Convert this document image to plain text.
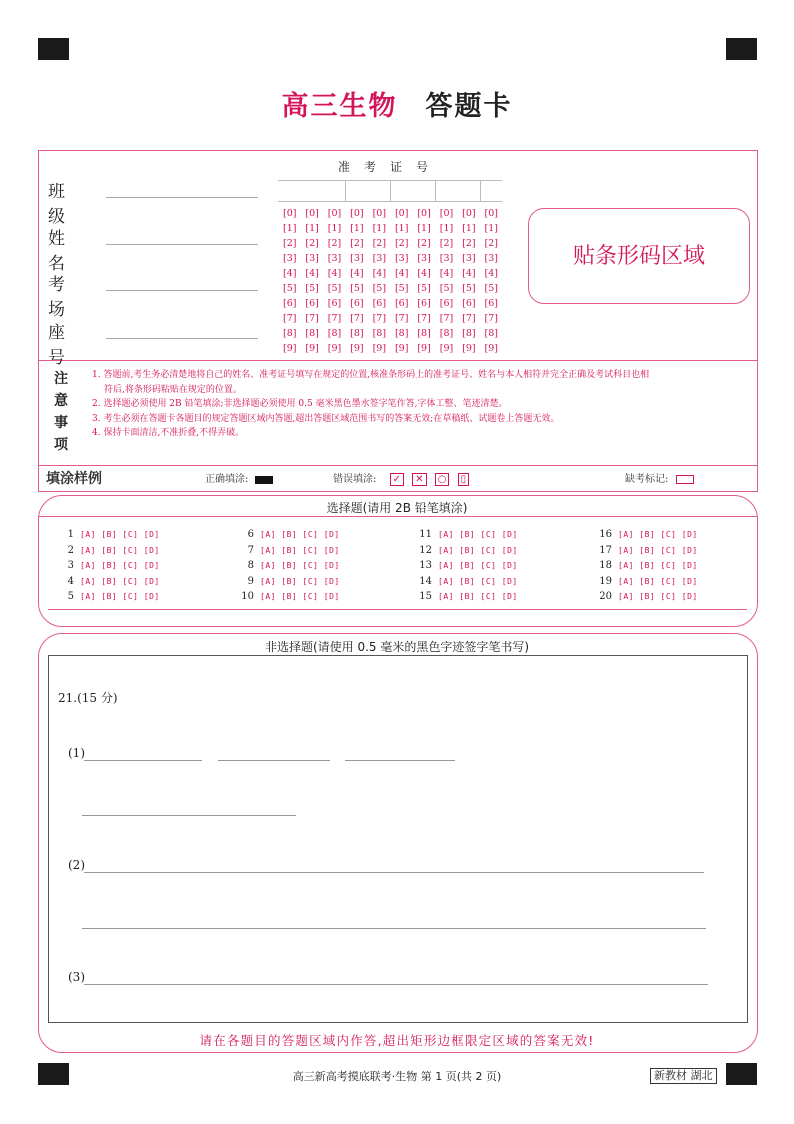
高三生物 答题卡
班 级
姓 名
考 场
座 号
准考证号
[0] [0] [0] [0] [0] [0] [0] [0] [0] [0]
[1] [1] [1] [1] [1] [1] [1] [1] [1] [1]
[2] [2] [2] [2] [2] [2] [2] [2] [2] [2]
[3] [3] [3] [3] [3] [3] [3] [3] [3] [3]
[4] [4] [4] [4] [4] [4] [4] [4] [4] [4]
[5] [5] [5] [5] [5] [5] [5] [5] [5] [5]
[6] [6] [6] [6] [6] [6] [6] [6] [6] [6]
[7] [7] [7] [7] [7] [7] [7] [7] [7] [7]
[8] [8] [8] [8] [8] [8] [8] [8] [8] [8]
[9] [9] [9] [9] [9] [9] [9] [9] [9] [9]
贴条形码区域
注
意
事
项
1. 答题前,考生务必清楚地将自己的姓名、准考证号填写在规定的位置,核准条形码上的准考证号、姓名与本人相符并完全正确及考试科目也相
符后,将条形码粘贴在规定的位置。
2. 选择题必须使用 2B 铅笔填涂;非选择题必须使用 0.5 毫米黑色墨水签字笔作答,字体工整、笔迹清楚。
3. 考生必须在答题卡各题目的规定答题区域内答题,超出答题区域范围书写的答案无效;在草稿纸、试题卷上答题无效。
4. 保持卡面清洁,不准折叠,不得弄破。
填涂样例	正确填涂:	错误填涂: ✓ ✕ ○ ▯	缺考标记:
选择题(请用 2B 铅笔填涂)
1 [A] [B] [C] [D]
2 [A] [B] [C] [D]
3 [A] [B] [C] [D]
4 [A] [B] [C] [D]
5 [A] [B] [C] [D]
6 [A] [B] [C] [D]
7 [A] [B] [C] [D]
8 [A] [B] [C] [D]
9 [A] [B] [C] [D]
10 [A] [B] [C] [D]
11 [A] [B] [C] [D]
12 [A] [B] [C] [D]
13 [A] [B] [C] [D]
14 [A] [B] [C] [D]
15 [A] [B] [C] [D]
16 [A] [B] [C] [D]
17 [A] [B] [C] [D]
18 [A] [B] [C] [D]
19 [A] [B] [C] [D]
20 [A] [B] [C] [D]
非选择题(请使用 0.5 毫米的黑色字迹签字笔书写)
21.(15 分)
(1)
(2)
(3)
请在各题目的答题区域内作答,超出矩形边框限定区域的答案无效!
高三新高考摸底联考·生物 第 1 页(共 2 页)	新教材 湖北
